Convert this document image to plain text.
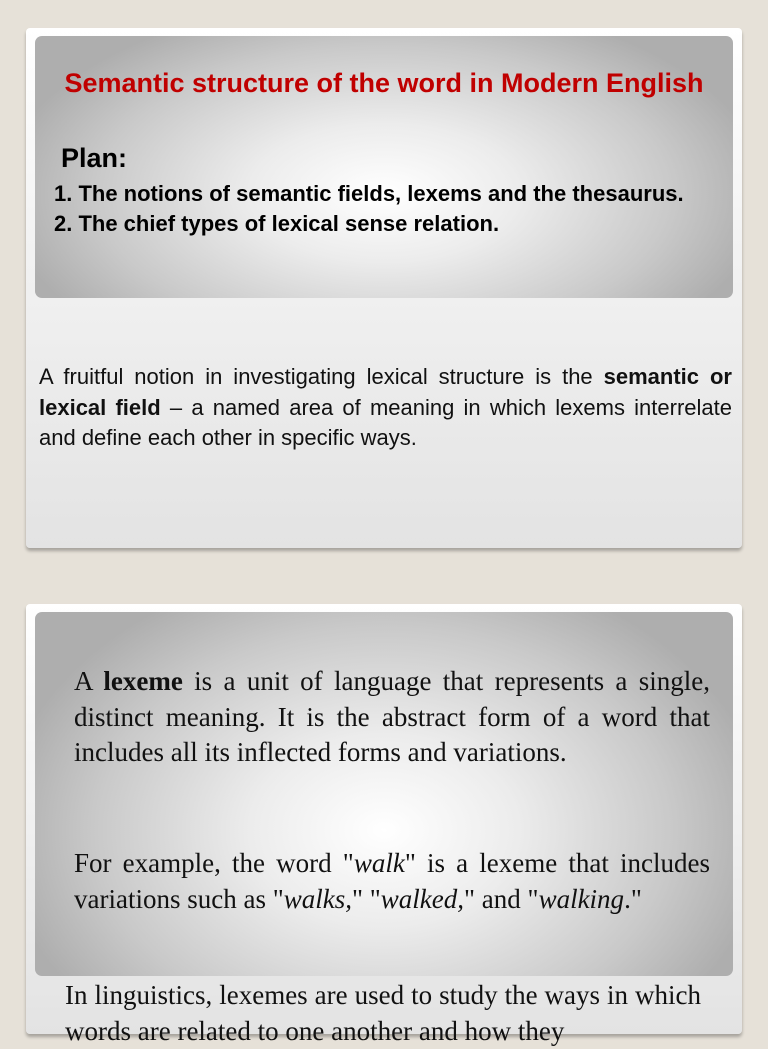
Semantic structure of the word in Modern English
Plan:
1. The notions of semantic fields, lexems and the thesaurus.
2. The chief types of lexical sense relation.

A fruitful notion in investigating lexical structure is the semantic or lexical field – a named area of meaning in which lexems interrelate and define each other in specific ways.

A lexeme is a unit of language that represents a single, distinct meaning. It is the abstract form of a word that includes all its inflected forms and variations.

For example, the word "walk" is a lexeme that includes variations such as "walks," "walked," and "walking."

In linguistics, lexemes are used to study the ways in which words are related to one another and how they
